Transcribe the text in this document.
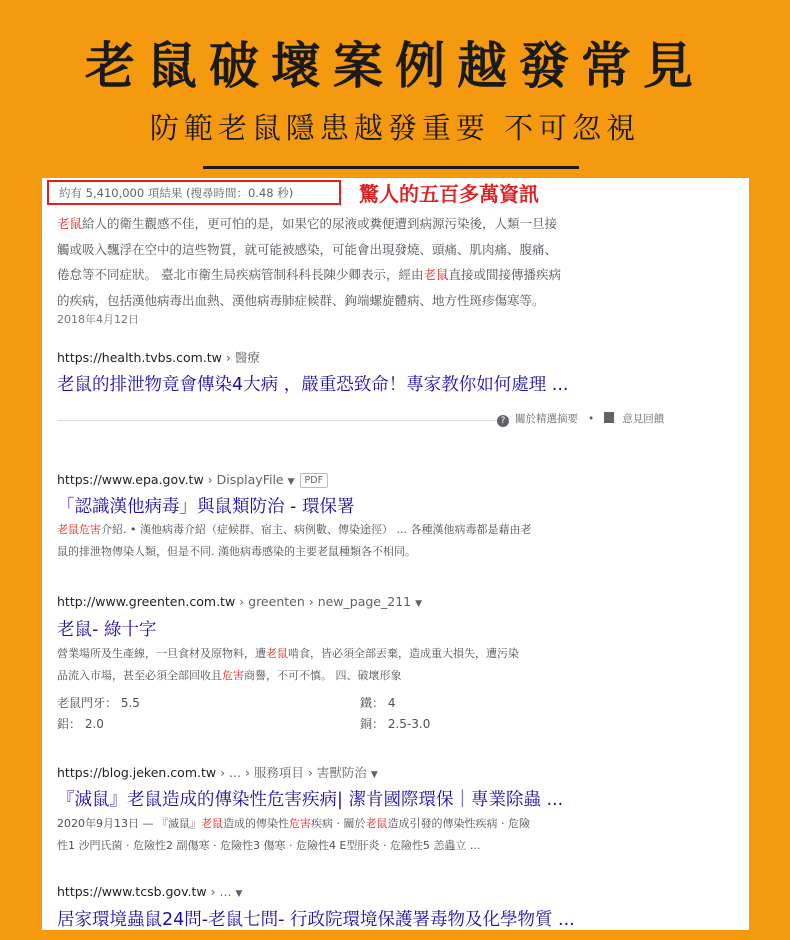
老鼠破壞案例越發常見
防範老鼠隱患越發重要 不可忽視
約有 5,410,000 項結果 (搜尋時間：0.48 秒)	驚人的五百多萬資訊
老鼠給人的衛生觀感不佳，更可怕的是，如果它的尿液或糞便遭到病源污染後，人類一旦接
觸或吸入飄浮在空中的這些物質，就可能被感染，可能會出現發燒、頭痛、肌肉痛、腹痛、
倦怠等不同症狀。 臺北市衛生局疾病管制科科長陳少卿表示，經由老鼠直接或間接傳播疾病
的疾病，包括漢他病毒出血熱、漢他病毒肺症候群、鉤端螺旋體病、地方性斑疹傷寒等。
2018年4月12日
https://health.tvbs.com.tw › 醫療
老鼠的排泄物竟會傳染4大病 ，嚴重恐致命！專家教你如何處理 ...
? 關於精選摘要 •	意見回饋
https://www.epa.gov.tw › DisplayFile ▼ PDF
「認識漢他病毒」與鼠類防治 - 環保署
老鼠危害介紹. • 漢他病毒介紹（症候群、宿主、病例數、傳染途徑） ... 各種漢他病毒都是藉由老
鼠的排泄物傳染人類，但是不同. 漢他病毒感染的主要老鼠種類各不相同。
http://www.greenten.com.tw › greenten › new_page_211 ▼
老鼠- 綠十字
營業場所及生產線，一旦食材及原物料，遭老鼠啃食，皆必須全部丟棄，造成重大損失，遭污染
品流入市場，甚至必須全部回收且危害商譽，不可不慎。 四、破壞形象
老鼠門牙： 5.5	鐵： 4
鋁： 2.0	銅： 2.5-3.0
https://blog.jeken.com.tw › ... › 服務項目 › 害獸防治 ▼
『滅鼠』老鼠造成的傳染性危害疾病| 潔肯國際環保｜專業除蟲 ...
2020年9月13日 — 『滅鼠』老鼠造成的傳染性危害疾病 · 關於老鼠造成引發的傳染性疾病 · 危險
性1 沙門氏菌 · 危險性2 副傷寒 · 危險性3 傷寒 · 危險性4 E型肝炎 · 危險性5 恙蟲立 ...
https://www.tcsb.gov.tw › ... ▼
居家環境蟲鼠24問-老鼠七問- 行政院環境保護署毒物及化學物質 ...
